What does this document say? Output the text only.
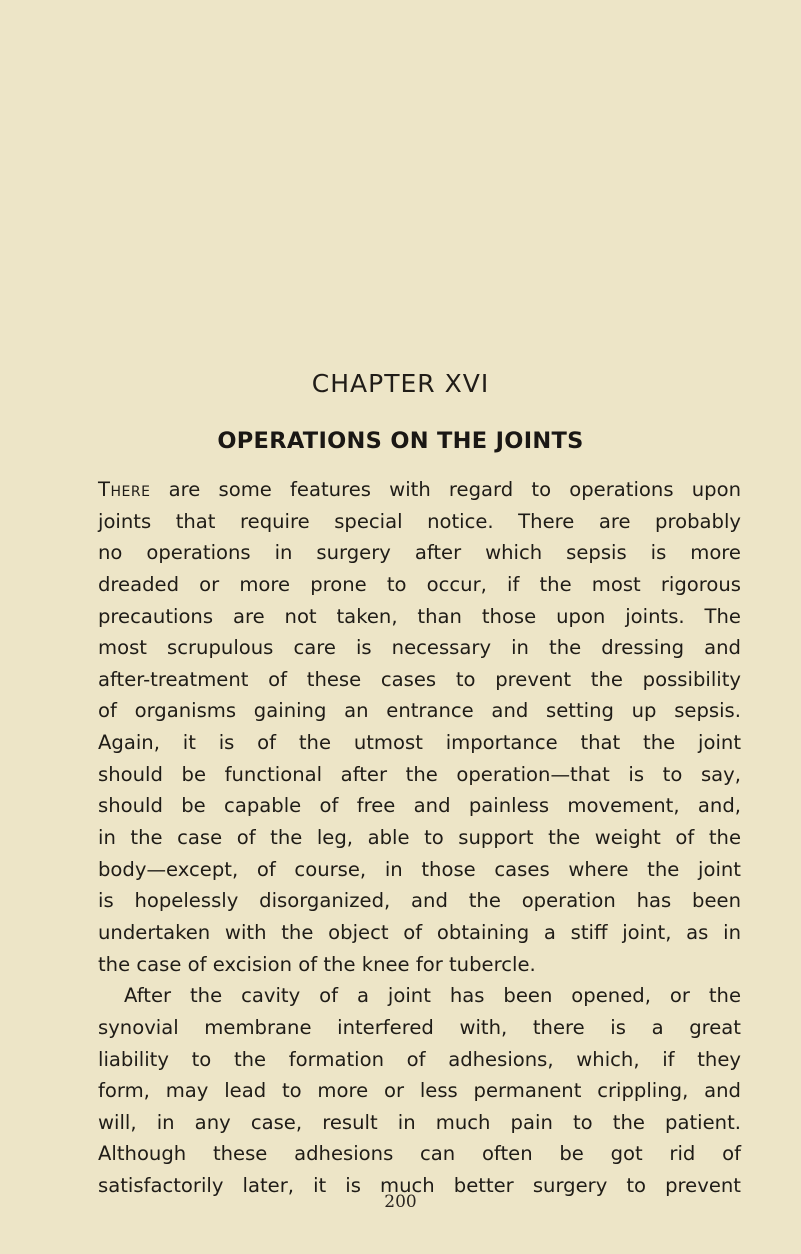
CHAPTER XVI
OPERATIONS ON THE JOINTS

There are some features with regard to operations upon
joints that require special notice. There are probably
no operations in surgery after which sepsis is more
dreaded or more prone to occur, if the most rigorous
precautions are not taken, than those upon joints. The
most scrupulous care is necessary in the dressing and
after-treatment of these cases to prevent the possibility
of organisms gaining an entrance and setting up sepsis.
Again, it is of the utmost importance that the joint
should be functional after the operation—that is to say,
should be capable of free and painless movement, and,
in the case of the leg, able to support the weight of the
body—except, of course, in those cases where the joint
is hopelessly disorganized, and the operation has been
undertaken with the object of obtaining a stiff joint, as in
the case of excision of the knee for tubercle.

After the cavity of a joint has been opened, or the
synovial membrane interfered with, there is a great
liability to the formation of adhesions, which, if they
form, may lead to more or less permanent crippling, and
will, in any case, result in much pain to the patient.
Although these adhesions can often be got rid of
satisfactorily later, it is much better surgery to prevent

200
